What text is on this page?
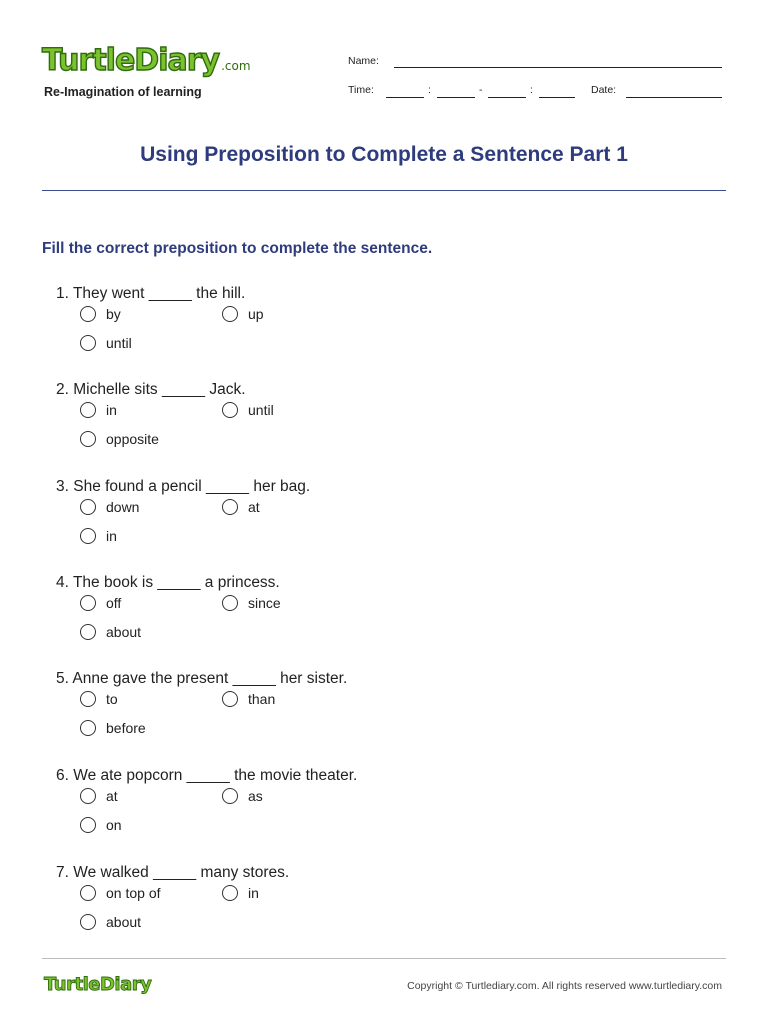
TurtleDiary .com
Re-Imagination of learning
Name:
Time:	:	-	:	Date:
Using Preposition to Complete a Sentence Part 1
Fill the correct preposition to complete the sentence.
1. They went _____ the hill.
by	up
until
2. Michelle sits _____ Jack.
in	until
opposite
3. She found a pencil _____ her bag.
down	at
in
4. The book is _____ a princess.
off	since
about
5. Anne gave the present _____ her sister.
to	than
before
6. We ate popcorn _____ the movie theater.
at	as
on
7. We walked _____ many stores.
on top of	in
about
TurtleDiary	Copyright © Turtlediary.com. All rights reserved www.turtlediary.com
